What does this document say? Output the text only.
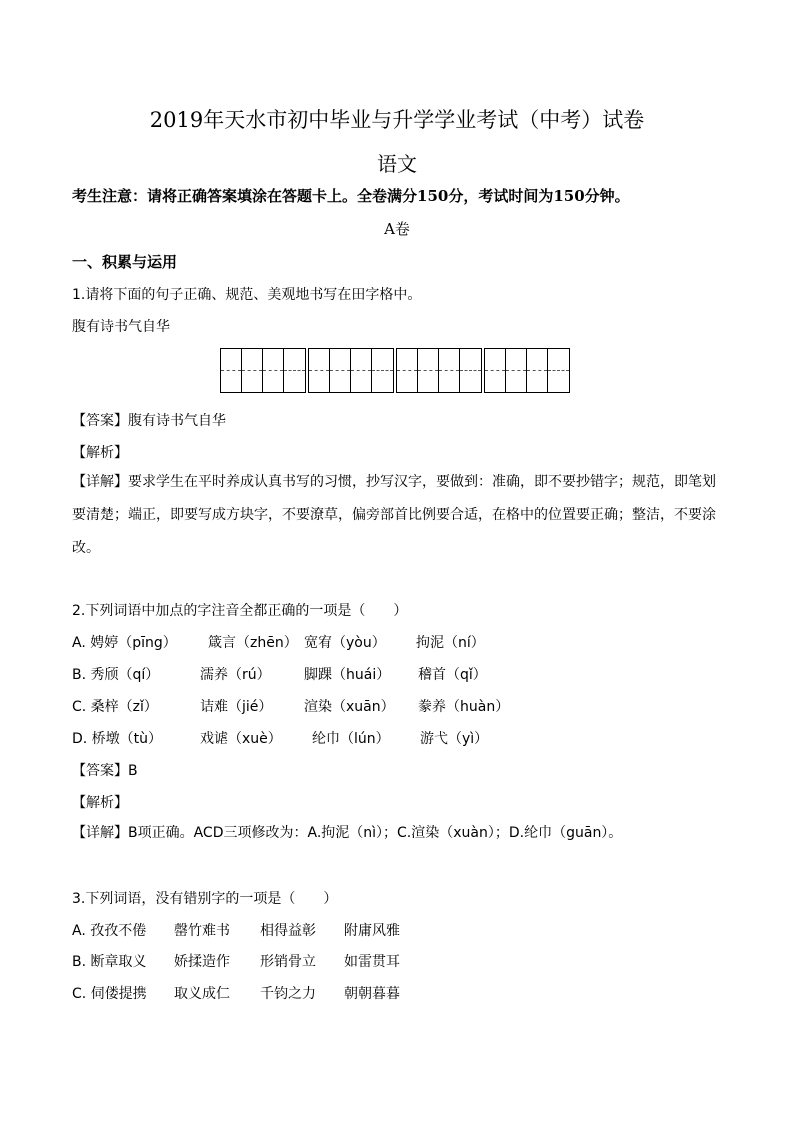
2019年天水市初中毕业与升学学业考试（中考）试卷
语文
考生注意：请将正确答案填涂在答题卡上。全卷满分150分，考试时间为150分钟。
A卷
一、积累与运用
1.请将下面的句子正确、规范、美观地书写在田字格中。
腹有诗书气自华
【答案】腹有诗书气自华
【解析】
【详解】要求学生在平时养成认真书写的习惯，抄写汉字，要做到：准确，即不要抄错字；规范，即笔划要清楚；端正，即要写成方块字，不要潦草，偏旁部首比例要合适，在格中的位置要正确；整洁，不要涂改。
2.下列词语中加点的字注音全都正确的一项是（　　）
A. 娉婷（pīng） 箴言（zhēn） 宽宥（yòu） 拘泥（ní）
B. 秀颀（qí）	濡养（rú） 脚踝（huái） 稽首（qǐ）
C. 桑梓（zǐ）	诘难（jié） 渲染（xuān） 豢养（huàn）
D. 桥墩（tù）	戏谑（xuè） 纶巾（lún） 游弋（yì）
【答案】B
【解析】
【详解】B项正确。ACD三项修改为：A.拘泥（nì）；C.渲染（xuàn）；D.纶巾（guān）。
3.下列词语，没有错别字的一项是（　　）
A. 孜孜不倦 罄竹难书 相得益彰 附庸风雅
B. 断章取义 娇揉造作 形销骨立 如雷贯耳
C. 伺偻提携 取义成仁 千钧之力 朝朝暮暮
